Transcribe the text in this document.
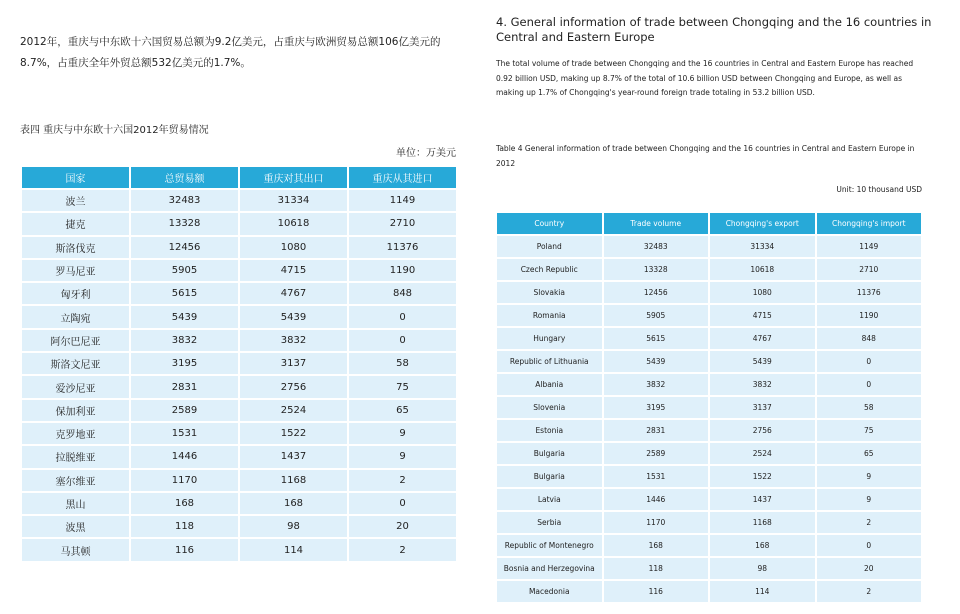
2012年，重庆与中东欧十六国贸易总额为9.2亿美元，占重庆与欧洲贸易总额106亿美元的8.7%，占重庆全年外贸总额532亿美元的1.7%。

表四 重庆与中东欧十六国2012年贸易情况

单位：万美元

国家	总贸易额	重庆对其出口	重庆从其进口
波兰	32483	31334	1149
捷克	13328	10618	2710
斯洛伐克	12456	1080	11376
罗马尼亚	5905	4715	1190
匈牙利	5615	4767	848
立陶宛	5439	5439	0
阿尔巴尼亚	3832	3832	0
斯洛文尼亚	3195	3137	58
爱沙尼亚	2831	2756	75
保加利亚	2589	2524	65
克罗地亚	1531	1522	9
拉脱维亚	1446	1437	9
塞尔维亚	1170	1168	2
黑山	168	168	0
波黑	118	98	20
马其顿	116	114	2
4. General information of trade between Chongqing and the 16 countries in Central and Eastern Europe

The total volume of trade between Chongqing and the 16 countries in Central and Eastern Europe has reached 0.92 billion USD, making up 8.7% of the total of 10.6 billion USD between Chongqing and Europe, as well as making up 1.7% of Chongqing's year-round foreign trade totaling in 53.2 billion USD.

Table 4 General information of trade between Chongqing and the 16 countries in Central and Eastern Europe in 2012

Unit: 10 thousand USD

Country	Trade volume	Chongqing's export	Chongqing's import
Poland	32483	31334	1149
Czech Republic	13328	10618	2710
Slovakia	12456	1080	11376
Romania	5905	4715	1190
Hungary	5615	4767	848
Republic of Lithuania	5439	5439	0
Albania	3832	3832	0
Slovenia	3195	3137	58
Estonia	2831	2756	75
Bulgaria	2589	2524	65
Bulgaria	1531	1522	9
Latvia	1446	1437	9
Serbia	1170	1168	2
Republic of Montenegro	168	168	0
Bosnia and Herzegovina	118	98	20
Macedonia	116	114	2
